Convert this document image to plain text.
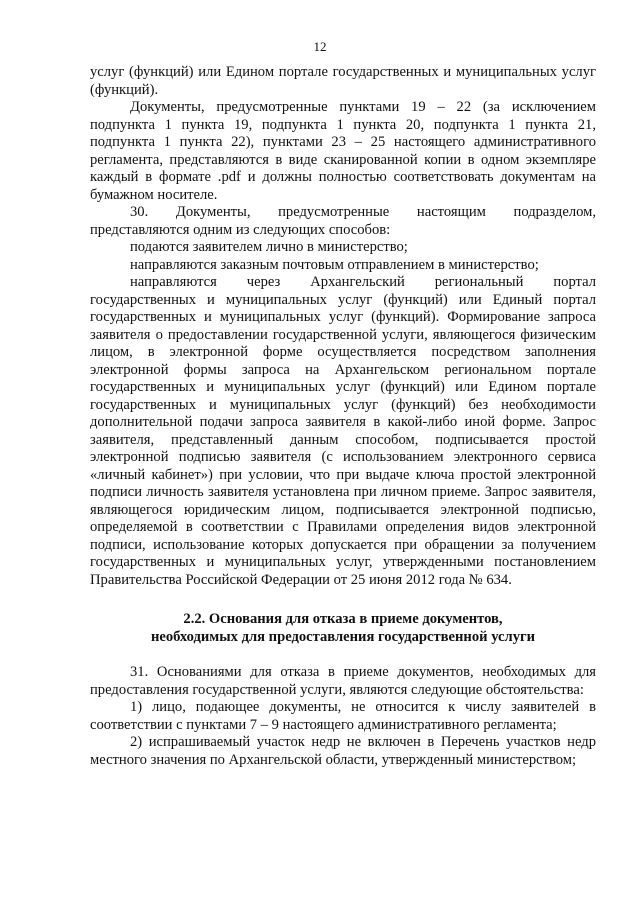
12

услуг (функций) или Едином портале государственных и муниципальных услуг (функций).

Документы, предусмотренные пунктами 19 – 22 (за исключением подпункта 1 пункта 19, подпункта 1 пункта 20, подпункта 1 пункта 21, подпункта 1 пункта 22), пунктами 23 – 25 настоящего административного регламента, представляются в виде сканированной копии в одном экземпляре каждый в формате .pdf и должны полностью соответствовать документам на бумажном носителе.

30. Документы, предусмотренные настоящим подразделом, представляются одним из следующих способов:

подаются заявителем лично в министерство;

направляются заказным почтовым отправлением в министерство;

направляются через Архангельский региональный портал государственных и муниципальных услуг (функций) или Единый портал государственных и муниципальных услуг (функций). Формирование запроса заявителя о предоставлении государственной услуги, являющегося физическим лицом, в электронной форме осуществляется посредством заполнения электронной формы запроса на Архангельском региональном портале государственных и муниципальных услуг (функций) или Едином портале государственных и муниципальных услуг (функций) без необходимости дополнительной подачи запроса заявителя в какой-либо иной форме. Запрос заявителя, представленный данным способом, подписывается простой электронной подписью заявителя (с использованием электронного сервиса «личный кабинет») при условии, что при выдаче ключа простой электронной подписи личность заявителя установлена при личном приеме. Запрос заявителя, являющегося юридическим лицом, подписывается электронной подписью, определяемой в соответствии с Правилами определения видов электронной подписи, использование которых допускается при обращении за получением государственных и муниципальных услуг, утвержденными постановлением Правительства Российской Федерации от 25 июня 2012 года № 634.

2.2. Основания для отказа в приеме документов,
необходимых для предоставления государственной услуги

31. Основаниями для отказа в приеме документов, необходимых для предоставления государственной услуги, являются следующие обстоятельства:

1) лицо, подающее документы, не относится к числу заявителей в соответствии с пунктами 7 – 9 настоящего административного регламента;

2) испрашиваемый участок недр не включен в Перечень участков недр местного значения по Архангельской области, утвержденный министерством;
